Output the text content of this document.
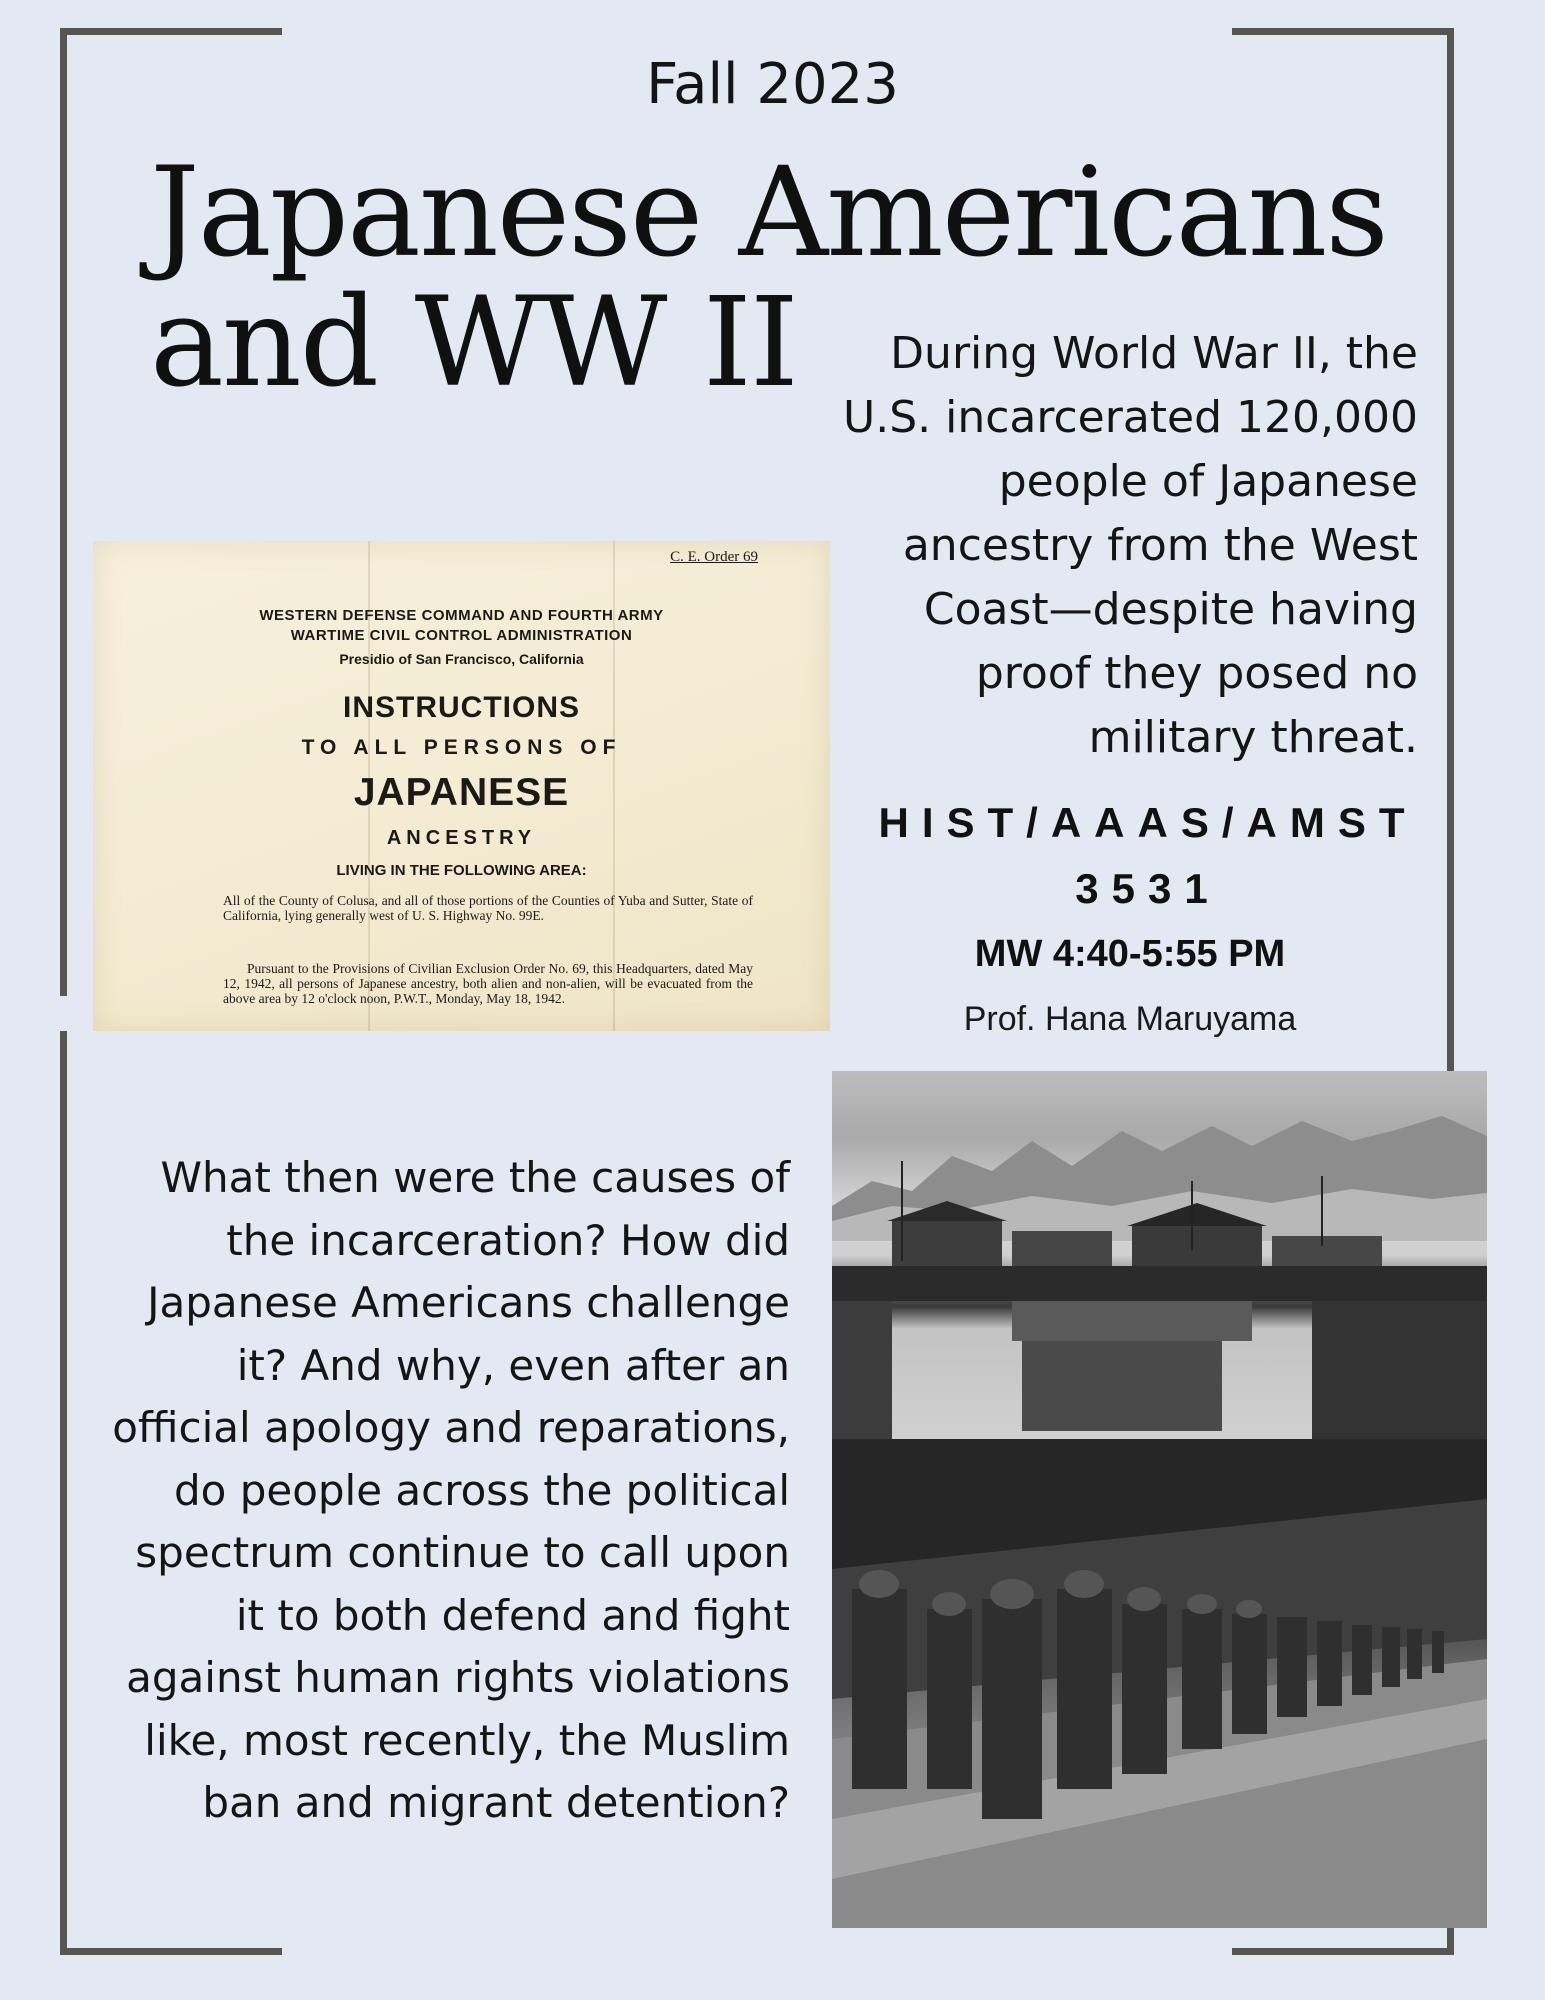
Fall 2023
Japanese Americans
and WW II	During World War II, the U.S. incarcerated 120,000 people of Japanese ancestry from the West Coast—despite having proof they posed no military threat.
HIST/AAAS/AMST
3531
MW 4:40-5:55 PM
Prof. Hana Maruyama
C. E. Order 69
WESTERN DEFENSE COMMAND AND FOURTH ARMY
WARTIME CIVIL CONTROL ADMINISTRATION
Presidio of San Francisco, California
INSTRUCTIONS
TO ALL PERSONS OF
JAPANESE
ANCESTRY
LIVING IN THE FOLLOWING AREA:
All of the County of Colusa, and all of those portions of the Counties of Yuba and Sutter, State of California, lying generally west of U. S. Highway No. 99E.
Pursuant to the Provisions of Civilian Exclusion Order No. 69, this Headquarters, dated May 12, 1942, all persons of Japanese ancestry, both alien and non-alien, will be evacuated from the above area by 12 o'clock noon, P.W.T., Monday, May 18, 1942.
What then were the causes of the incarceration? How did Japanese Americans challenge it? And why, even after an official apology and reparations, do people across the political spectrum continue to call upon it to both defend and fight against human rights violations like, most recently, the Muslim ban and migrant detention?
